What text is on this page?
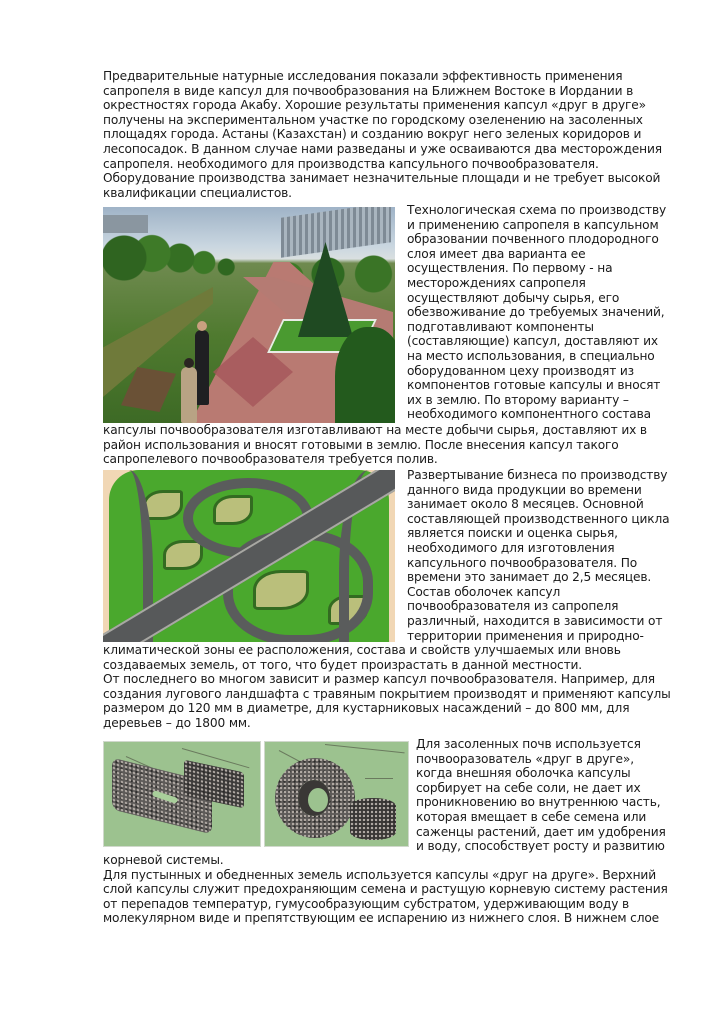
Предварительные натурные исследования показали эффективность применения
сапропеля в виде капсул для почвообразования на Ближнем Востоке в Иордании в
окрестностях города Акабу. Хорошие результаты применения капсул «друг в друге»
получены на экспериментальном участке по городскому озеленению на засоленных
площадях города. Астаны (Казахстан) и созданию вокруг него зеленых коридоров и
лесопосадок. В данном случае нами разведаны и уже осваиваются два месторождения
сапропеля. необходимого для производства капсульного почвообразователя.
Оборудование производства занимает незначительные площади и не требует высокой
квалификации специалистов.
Технологическая схема по производству
и применению сапропеля в капсульном
образовании почвенного плодородного
слоя имеет два варианта ее
осуществления. По первому - на
месторождениях сапропеля
осуществляют добычу сырья, его
обезвоживание до требуемых значений,
подготавливают компоненты
(составляющие) капсул, доставляют их
на место использования, в специально
оборудованном цеху производят из
компонентов готовые капсулы и вносят
их в землю. По второму варианту –
необходимого компонентного состава
капсулы почвообразователя изготавливают на месте добычи сырья, доставляют их в
район использования и вносят готовыми в землю. После внесения капсул такого
сапропелевого почвообразователя требуется полив.
Развертывание бизнеса по производству
данного вида продукции во времени
занимает около 8 месяцев. Основной
составляющей производственного цикла
является поиски и оценка сырья,
необходимого для изготовления
капсульного почвообразователя. По
времени это занимает до 2,5 месяцев.
Состав оболочек капсул
почвообразователя из сапропеля
различный, находится в зависимости от
территории применения и природно-
климатической зоны ее расположения, состава и свойств улучшаемых или вновь
создаваемых земель, от того, что будет произрастать в данной местности.
От последнего во многом зависит и размер капсул почвообразователя. Например, для
создания лугового ландшафта с травяным покрытием производят и применяют капсулы
размером до 120 мм в диаметре, для кустарниковых насаждений – до 800 мм, для
деревьев – до 1800 мм.
Для засоленных почв используется
почвооразователь «друг в друге»,
когда внешняя оболочка капсулы
сорбирует на себе соли, не дает их
проникновению во внутреннюю часть,
которая вмещает в себе семена или
саженцы растений, дает им удобрения
и воду, способствует росту и развитию
корневой системы.
Для пустынных и обедненных земель используется капсулы «друг на друге». Верхний
слой капсулы служит предохраняющим семена и растущую корневую систему растения
от перепадов температур, гумусообразующим субстратом, удерживающим воду в
молекулярном виде и препятствующим ее испарению из нижнего слоя. В нижнем слое
